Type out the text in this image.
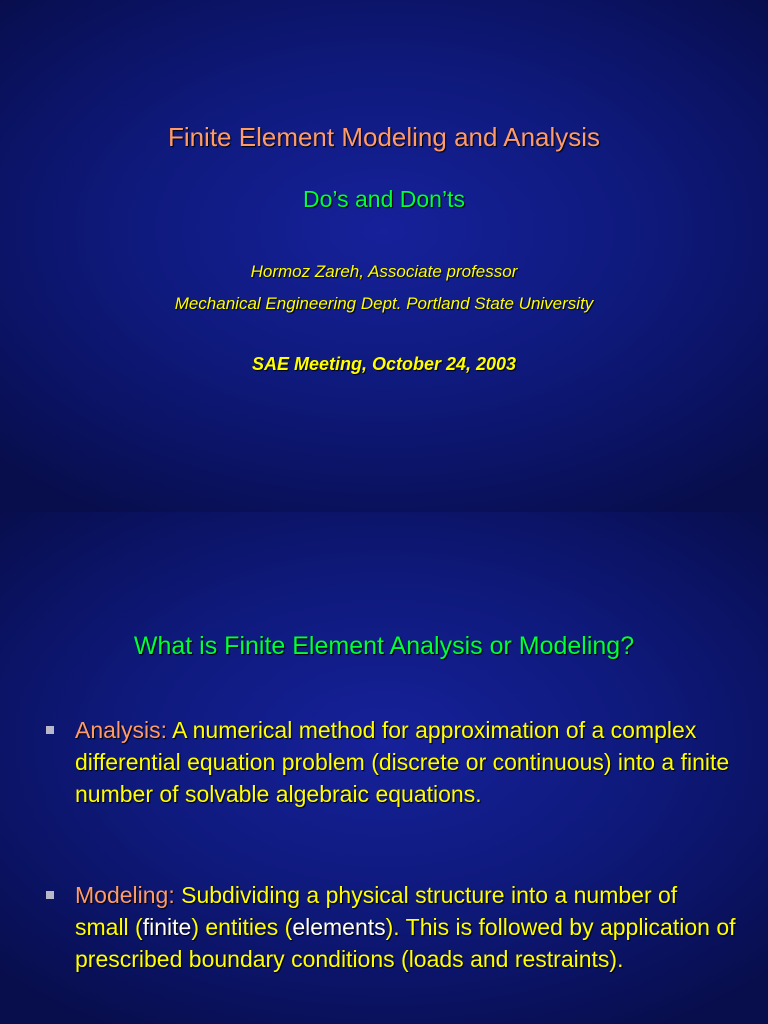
Finite Element Modeling and Analysis
Do’s and Don’ts
Hormoz Zareh, Associate professor
Mechanical Engineering Dept. Portland State University
SAE Meeting, October 24, 2003
What is Finite Element Analysis or Modeling?
Analysis: A numerical method for approximation of a complex differential equation problem (discrete or continuous) into a finite number of solvable algebraic equations.
Modeling: Subdividing a physical structure into a number of small (finite) entities (elements). This is followed by application of prescribed boundary conditions (loads and restraints).
